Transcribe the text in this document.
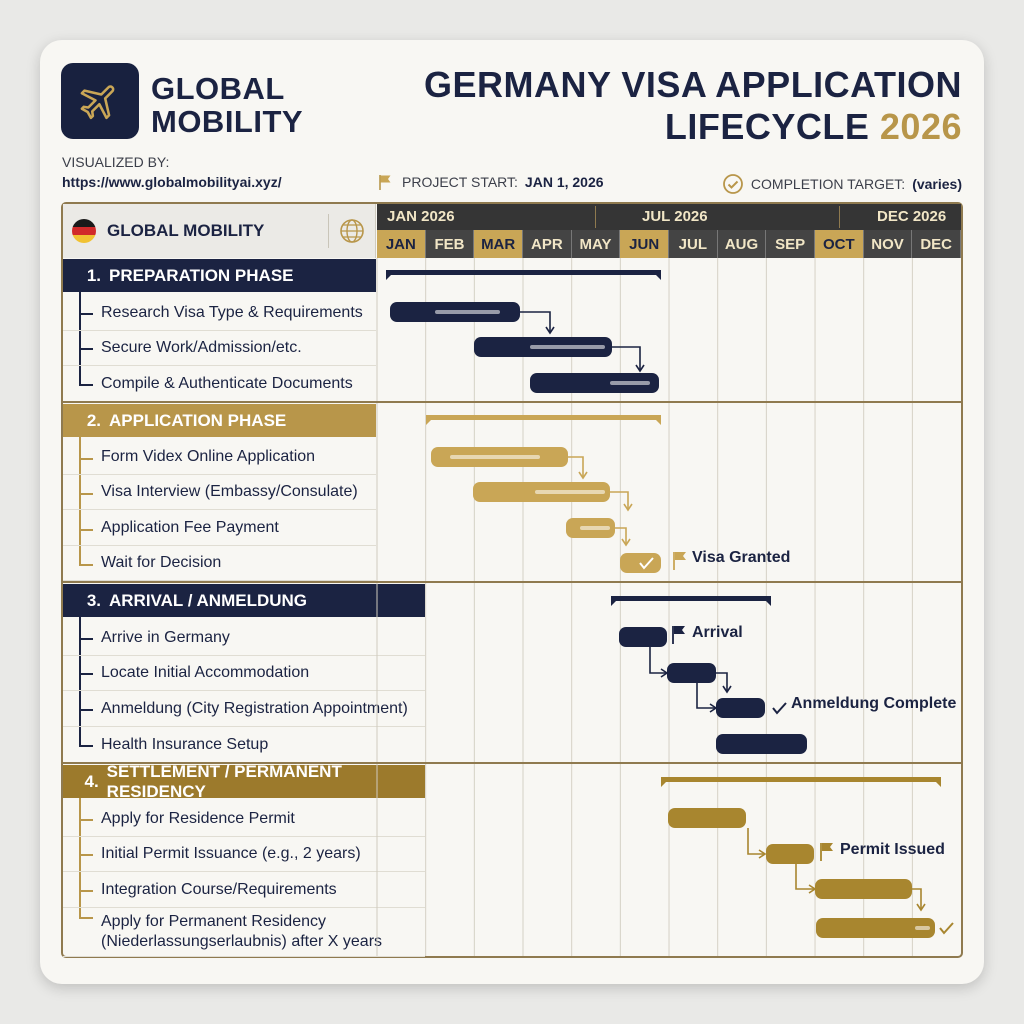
GLOBAL
MOBILITY
GERMANY VISA APPLICATION
LIFECYCLE 2026
VISUALIZED BY:
https://www.globalmobilityai.xyz/	PROJECT START: JAN 1, 2026	COMPLETION TARGET: (varies)
GLOBAL MOBILITY
JAN 2026	JUL 2026	DEC 2026
JAN	FEB	MAR	APR	MAY	JUN	JUL	AUG	SEP	OCT	NOV	DEC
1. PREPARATION PHASE
Research Visa Type & Requirements
Secure Work/Admission/etc.
Compile & Authenticate Documents
2. APPLICATION PHASE
Form Videx Online Application
Visa Interview (Embassy/Consulate)
Application Fee Payment
Wait for Decision
3. ARRIVAL / ANMELDUNG
Arrive in Germany
Locate Initial Accommodation
Anmeldung (City Registration Appointment)
Health Insurance Setup
4.
SETTLEMENT / PERMANENT RESIDENCY
Apply for Residence Permit
Initial Permit Issuance (e.g., 2 years)
Integration Course/Requirements
Apply for Permanent Residency
(Niederlassungserlaubnis) after X years
Visa Granted
Arrival
Anmeldung Complete
Permit Issued
